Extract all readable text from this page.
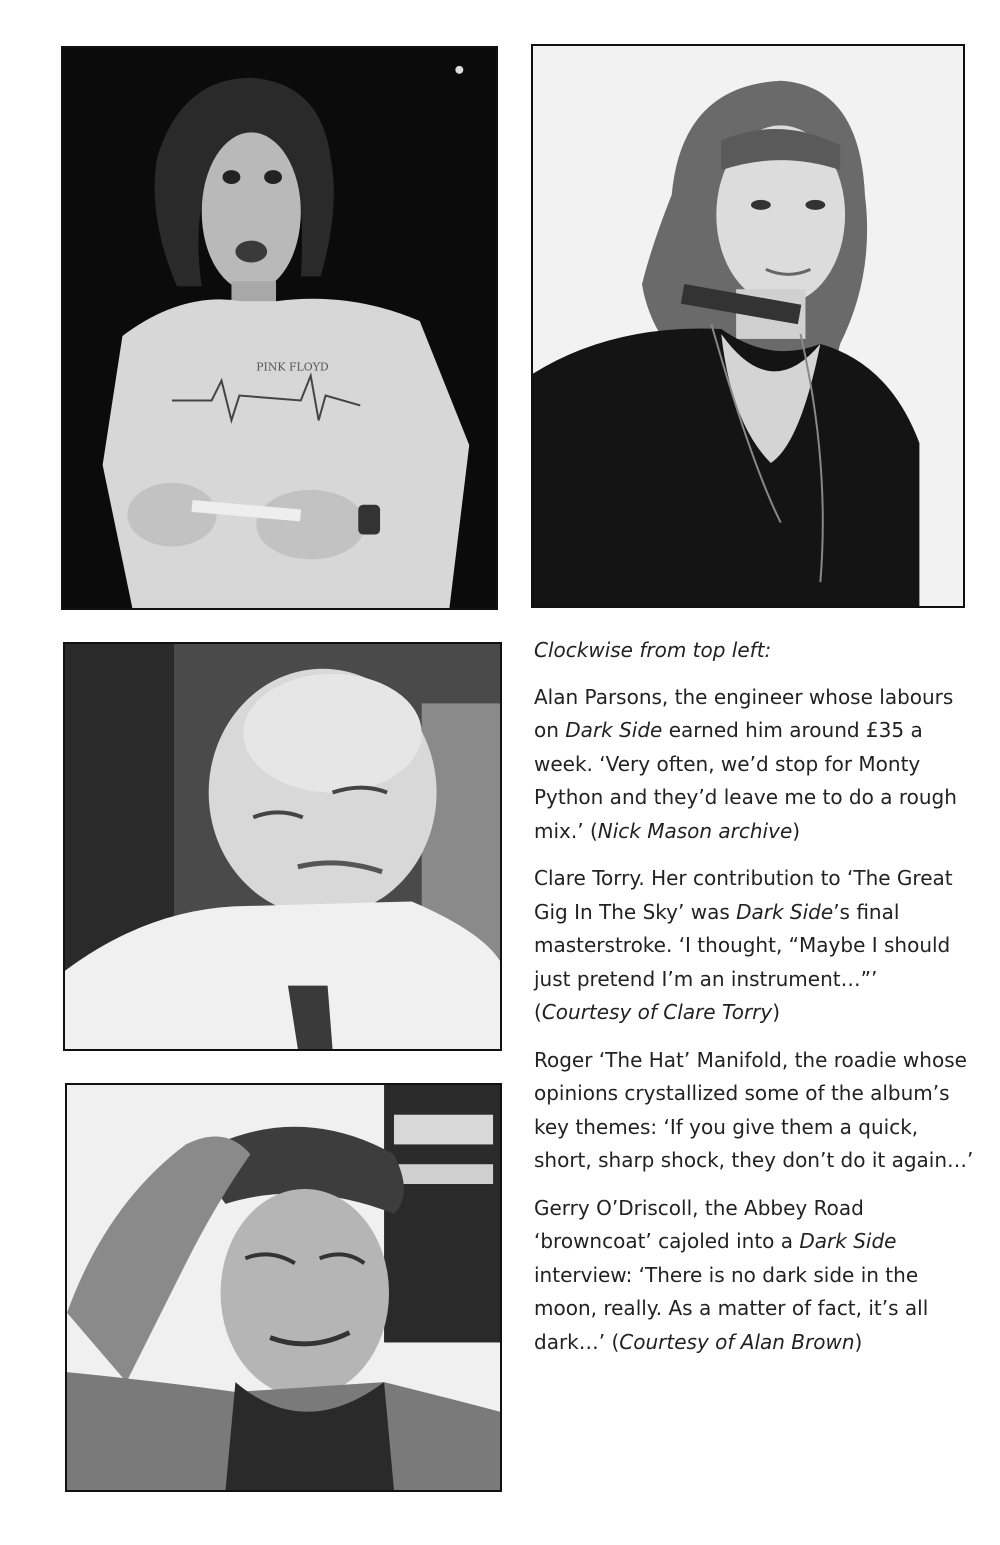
PINK FLOYD

Clockwise from top left:

Alan Parsons, the engineer whose labours on Dark Side earned him around £35 a week. ‘Very often, we’d stop for Monty Python and they’d leave me to do a rough mix.’ (Nick Mason archive)

Clare Torry. Her contribution to ‘The Great Gig In The Sky’ was Dark Side’s final masterstroke. ‘I thought, “Maybe I should just pretend I’m an instrument…”’ (Courtesy of Clare Torry)

Roger ‘The Hat’ Manifold, the roadie whose opinions crystallized some of the album’s key themes: ‘If you give them a quick, short, sharp shock, they don’t do it again…’

Gerry O’Driscoll, the Abbey Road ‘browncoat’ cajoled into a Dark Side interview: ‘There is no dark side in the moon, really. As a matter of fact, it’s all dark…’ (Courtesy of Alan Brown)
